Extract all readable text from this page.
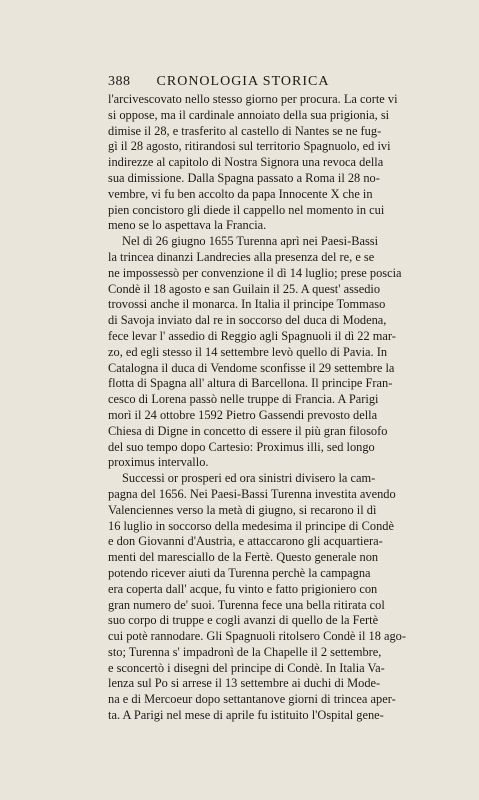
388	CRONOLOGIA STORICA
l'arcivescovato nello stesso giorno per procura. La corte vi
si oppose, ma il cardinale annoiato della sua prigionia, si
dimise il 28, e trasferito al castello di Nantes se ne fug-
gì il 28 agosto, ritirandosi sul territorio Spagnuolo, ed ivi
indirezze al capitolo di Nostra Signora una revoca della
sua dimissione. Dalla Spagna passato a Roma il 28 no-
vembre, vi fu ben accolto da papa Innocente X che in
pien concistoro gli diede il cappello nel momento in cui
meno se lo aspettava la Francia.
Nel dì 26 giugno 1655 Turenna aprì nei Paesi-Bassi
la trincea dinanzi Landrecies alla presenza del re, e se
ne impossessò per convenzione il dì 14 luglio; prese poscia
Condè il 18 agosto e san Guilain il 25. A quest' assedio
trovossi anche il monarca. In Italia il principe Tommaso
di Savoja inviato dal re in soccorso del duca di Modena,
fece levar l' assedio di Reggio agli Spagnuoli il dì 22 mar-
zo, ed egli stesso il 14 settembre levò quello di Pavia. In
Catalogna il duca di Vendome sconfisse il 29 settembre la
flotta di Spagna all' altura di Barcellona. Il principe Fran-
cesco di Lorena passò nelle truppe di Francia. A Parigi
morì il 24 ottobre 1592 Pietro Gassendi prevosto della
Chiesa di Digne in concetto di essere il più gran filosofo
del suo tempo dopo Cartesio: Proximus illi, sed longo
proximus intervallo.
Successi or prosperi ed ora sinistri divisero la cam-
pagna del 1656. Nei Paesi-Bassi Turenna investita avendo
Valenciennes verso la metà di giugno, si recarono il dì
16 luglio in soccorso della medesima il principe di Condè
e don Giovanni d'Austria, e attaccarono gli acquartiera-
menti del maresciallo de la Fertè. Questo generale non
potendo ricever aiuti da Turenna perchè la campagna
era coperta dall' acque, fu vinto e fatto prigioniero con
gran numero de' suoi. Turenna fece una bella ritirata col
suo corpo di truppe e cogli avanzi di quello de la Fertè
cui potè rannodare. Gli Spagnuoli ritolsero Condè il 18 ago-
sto; Turenna s' impadronì de la Chapelle il 2 settembre,
e sconcertò i disegni del principe di Condè. In Italia Va-
lenza sul Po si arrese il 13 settembre ai duchi di Mode-
na e di Mercoeur dopo settantanove giorni di trincea aper-
ta. A Parigi nel mese di aprile fu istituito l'Ospital gene-
